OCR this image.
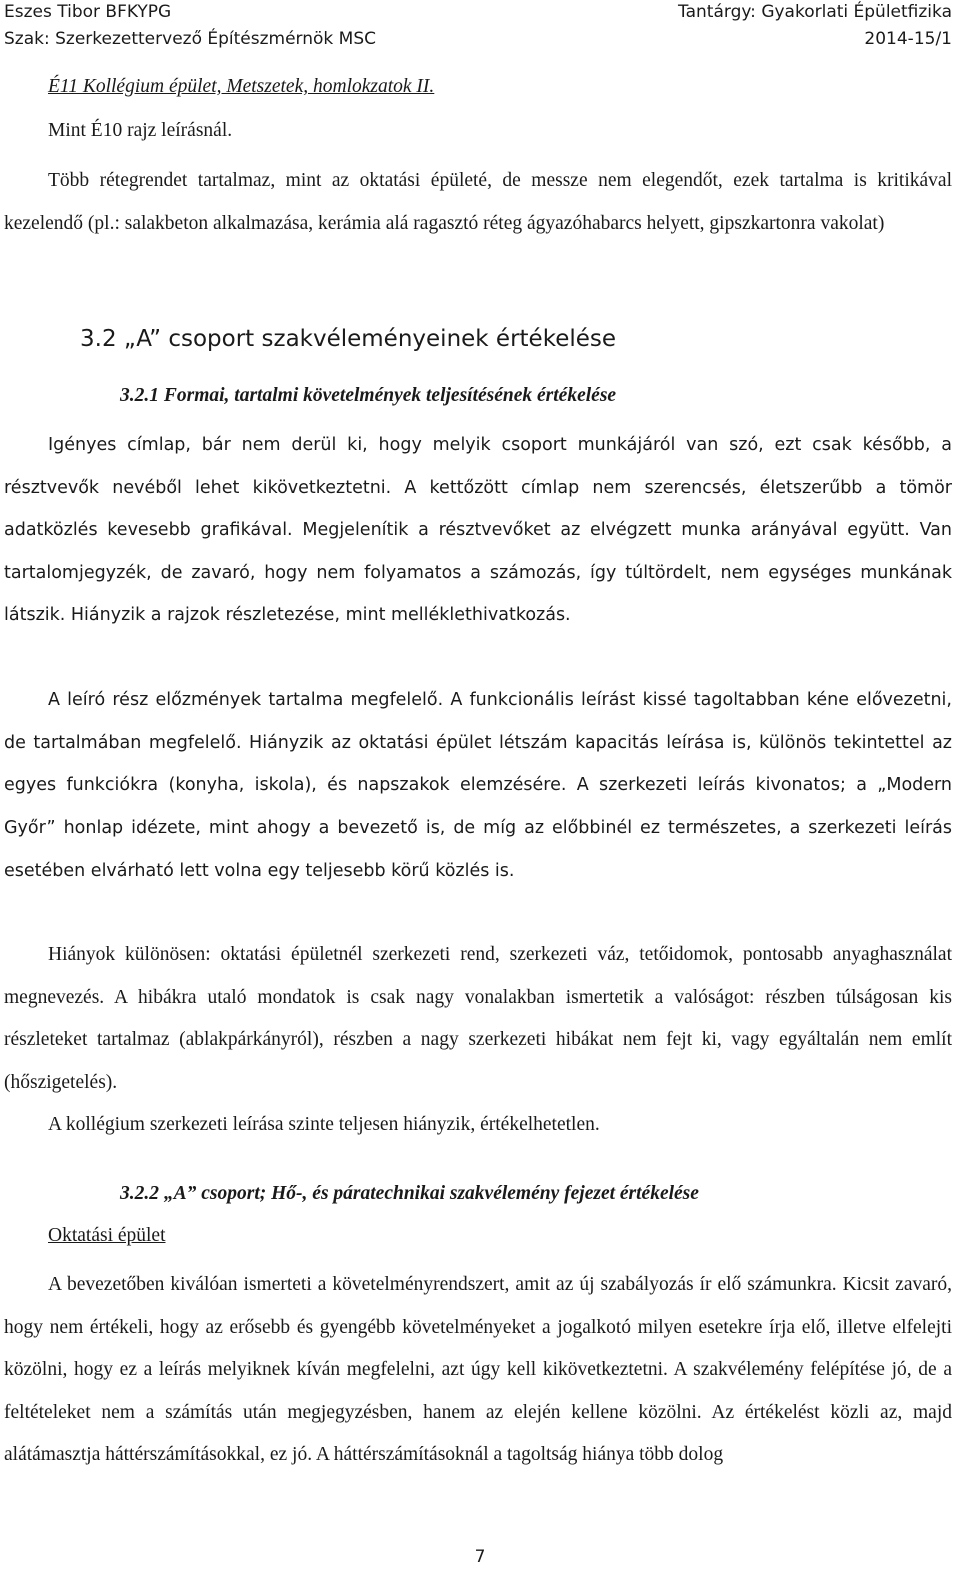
Eszes Tibor BFKYPG
Szak: Szerkezettervező Építészmérnök MSC
Tantárgy: Gyakorlati Épületfizika
2014-15/1
É11 Kollégium épület, Metszetek, homlokzatok II.
Mint É10 rajz leírásnál.
Több rétegrendet tartalmaz, mint az oktatási épületé, de messze nem elegendőt, ezek tartalma is kritikával kezelendő (pl.: salakbeton alkalmazása, kerámia alá ragasztó réteg ágyazóhabarcs helyett, gipszkartonra vakolat)
3.2 „A” csoport szakvéleményeinek értékelése
3.2.1 Formai, tartalmi követelmények teljesítésének értékelése
Igényes címlap, bár nem derül ki, hogy melyik csoport munkájáról van szó, ezt csak később, a résztvevők nevéből lehet kikövetkeztetni. A kettőzött címlap nem szerencsés, életszerűbb a tömör adatközlés kevesebb grafikával. Megjelenítik a résztvevőket az elvégzett munka arányával együtt. Van tartalomjegyzék, de zavaró, hogy nem folyamatos a számozás, így túltördelt, nem egységes munkának látszik. Hiányzik a rajzok részletezése, mint melléklethivatkozás.
A leíró rész előzmények tartalma megfelelő. A funkcionális leírást kissé tagoltabban kéne elővezetni, de tartalmában megfelelő. Hiányzik az oktatási épület létszám kapacitás leírása is, különös tekintettel az egyes funkciókra (konyha, iskola), és napszakok elemzésére. A szerkezeti leírás kivonatos; a „Modern Győr” honlap idézete, mint ahogy a bevezető is, de míg az előbbinél ez természetes, a szerkezeti leírás esetében elvárható lett volna egy teljesebb körű közlés is.
Hiányok különösen: oktatási épületnél szerkezeti rend, szerkezeti váz, tetőidomok, pontosabb anyaghasználat megnevezés. A hibákra utaló mondatok is csak nagy vonalakban ismertetik a valóságot: részben túlságosan kis részleteket tartalmaz (ablakpárkányról), részben a nagy szerkezeti hibákat nem fejt ki, vagy egyáltalán nem említ (hőszigetelés).
A kollégium szerkezeti leírása szinte teljesen hiányzik, értékelhetetlen.
3.2.2 „A” csoport; Hő-, és páratechnikai szakvélemény fejezet értékelése
Oktatási épület
A bevezetőben kiválóan ismerteti a követelményrendszert, amit az új szabályozás ír elő számunkra. Kicsit zavaró, hogy nem értékeli, hogy az erősebb és gyengébb követelményeket a jogalkotó milyen esetekre írja elő, illetve elfelejti közölni, hogy ez a leírás melyiknek kíván megfelelni, azt úgy kell kikövetkeztetni. A szakvélemény felépítése jó, de a feltételeket nem a számítás után megjegyzésben, hanem az elején kellene közölni. Az értékelést közli az, majd alátámasztja háttérszámításokkal, ez jó. A háttérszámításoknál a tagoltság hiánya több dolog
7
